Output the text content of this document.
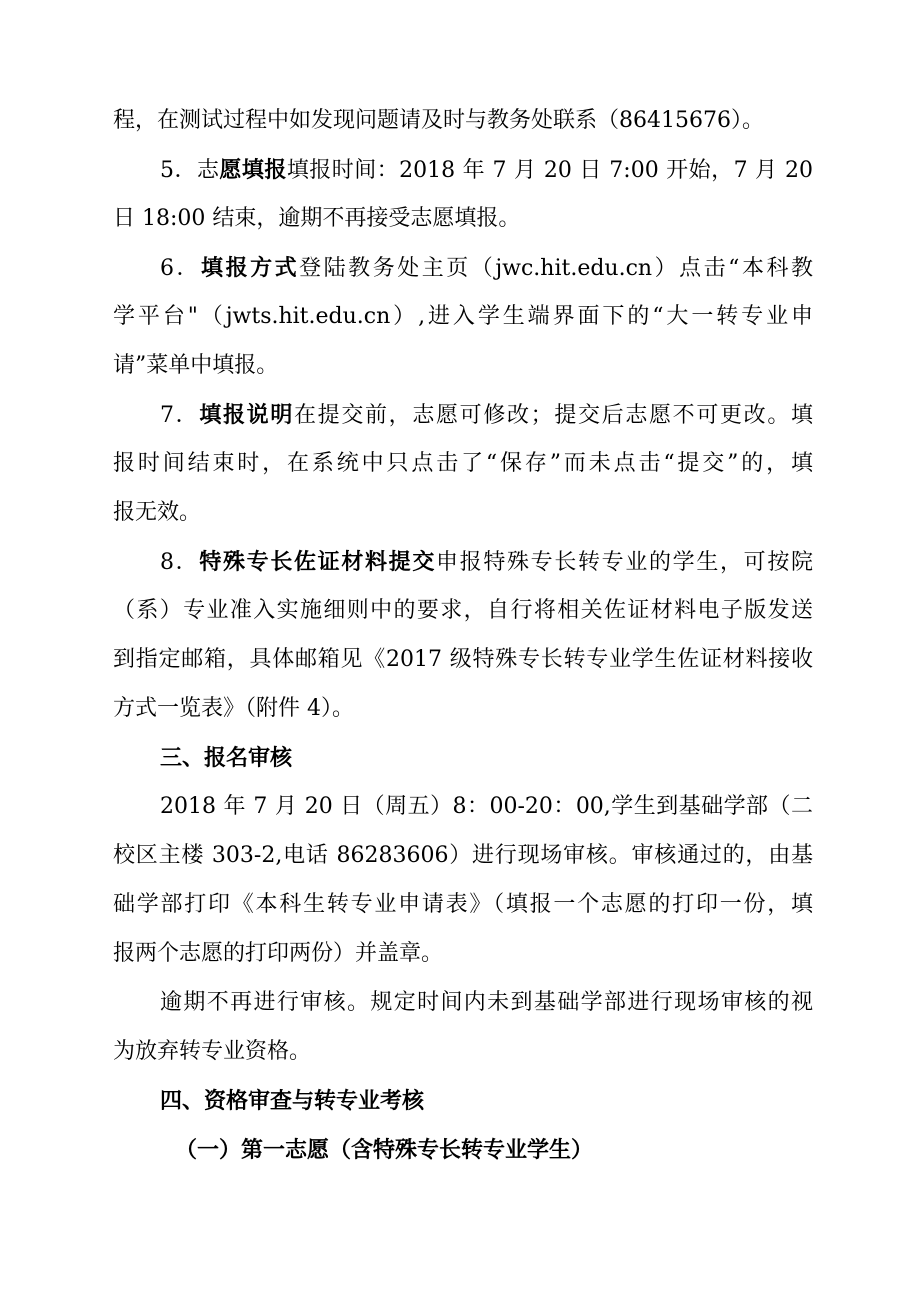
程，在测试过程中如发现问题请及时与教务处联系（86415676）。
5．志愿填报填报时间：2018 年 7 月 20 日 7:00 开始，7 月 20
日 18:00 结束，逾期不再接受志愿填报。
6．填报方式登陆教务处主页（jwc.hit.edu.cn）点击“本科教
学平台"（jwts.hit.edu.cn）,进入学生端界面下的“大一转专业申
请”菜单中填报。
7．填报说明在提交前，志愿可修改；提交后志愿不可更改。填
报时间结束时，在系统中只点击了“保存”而未点击“提交”的，填
报无效。
8．特殊专长佐证材料提交申报特殊专长转专业的学生，可按院
（系）专业准入实施细则中的要求，自行将相关佐证材料电子版发送
到指定邮箱，具体邮箱见《2017 级特殊专长转专业学生佐证材料接收
方式一览表》（附件 4）。
三、报名审核
2018 年 7 月 20 日（周五）8：00-20：00,学生到基础学部（二
校区主楼 303-2,电话 86283606）进行现场审核。审核通过的，由基
础学部打印《本科生转专业申请表》（填报一个志愿的打印一份，填
报两个志愿的打印两份）并盖章。
逾期不再进行审核。规定时间内未到基础学部进行现场审核的视
为放弃转专业资格。
四、资格审查与转专业考核
（一）第一志愿（含特殊专长转专业学生）
